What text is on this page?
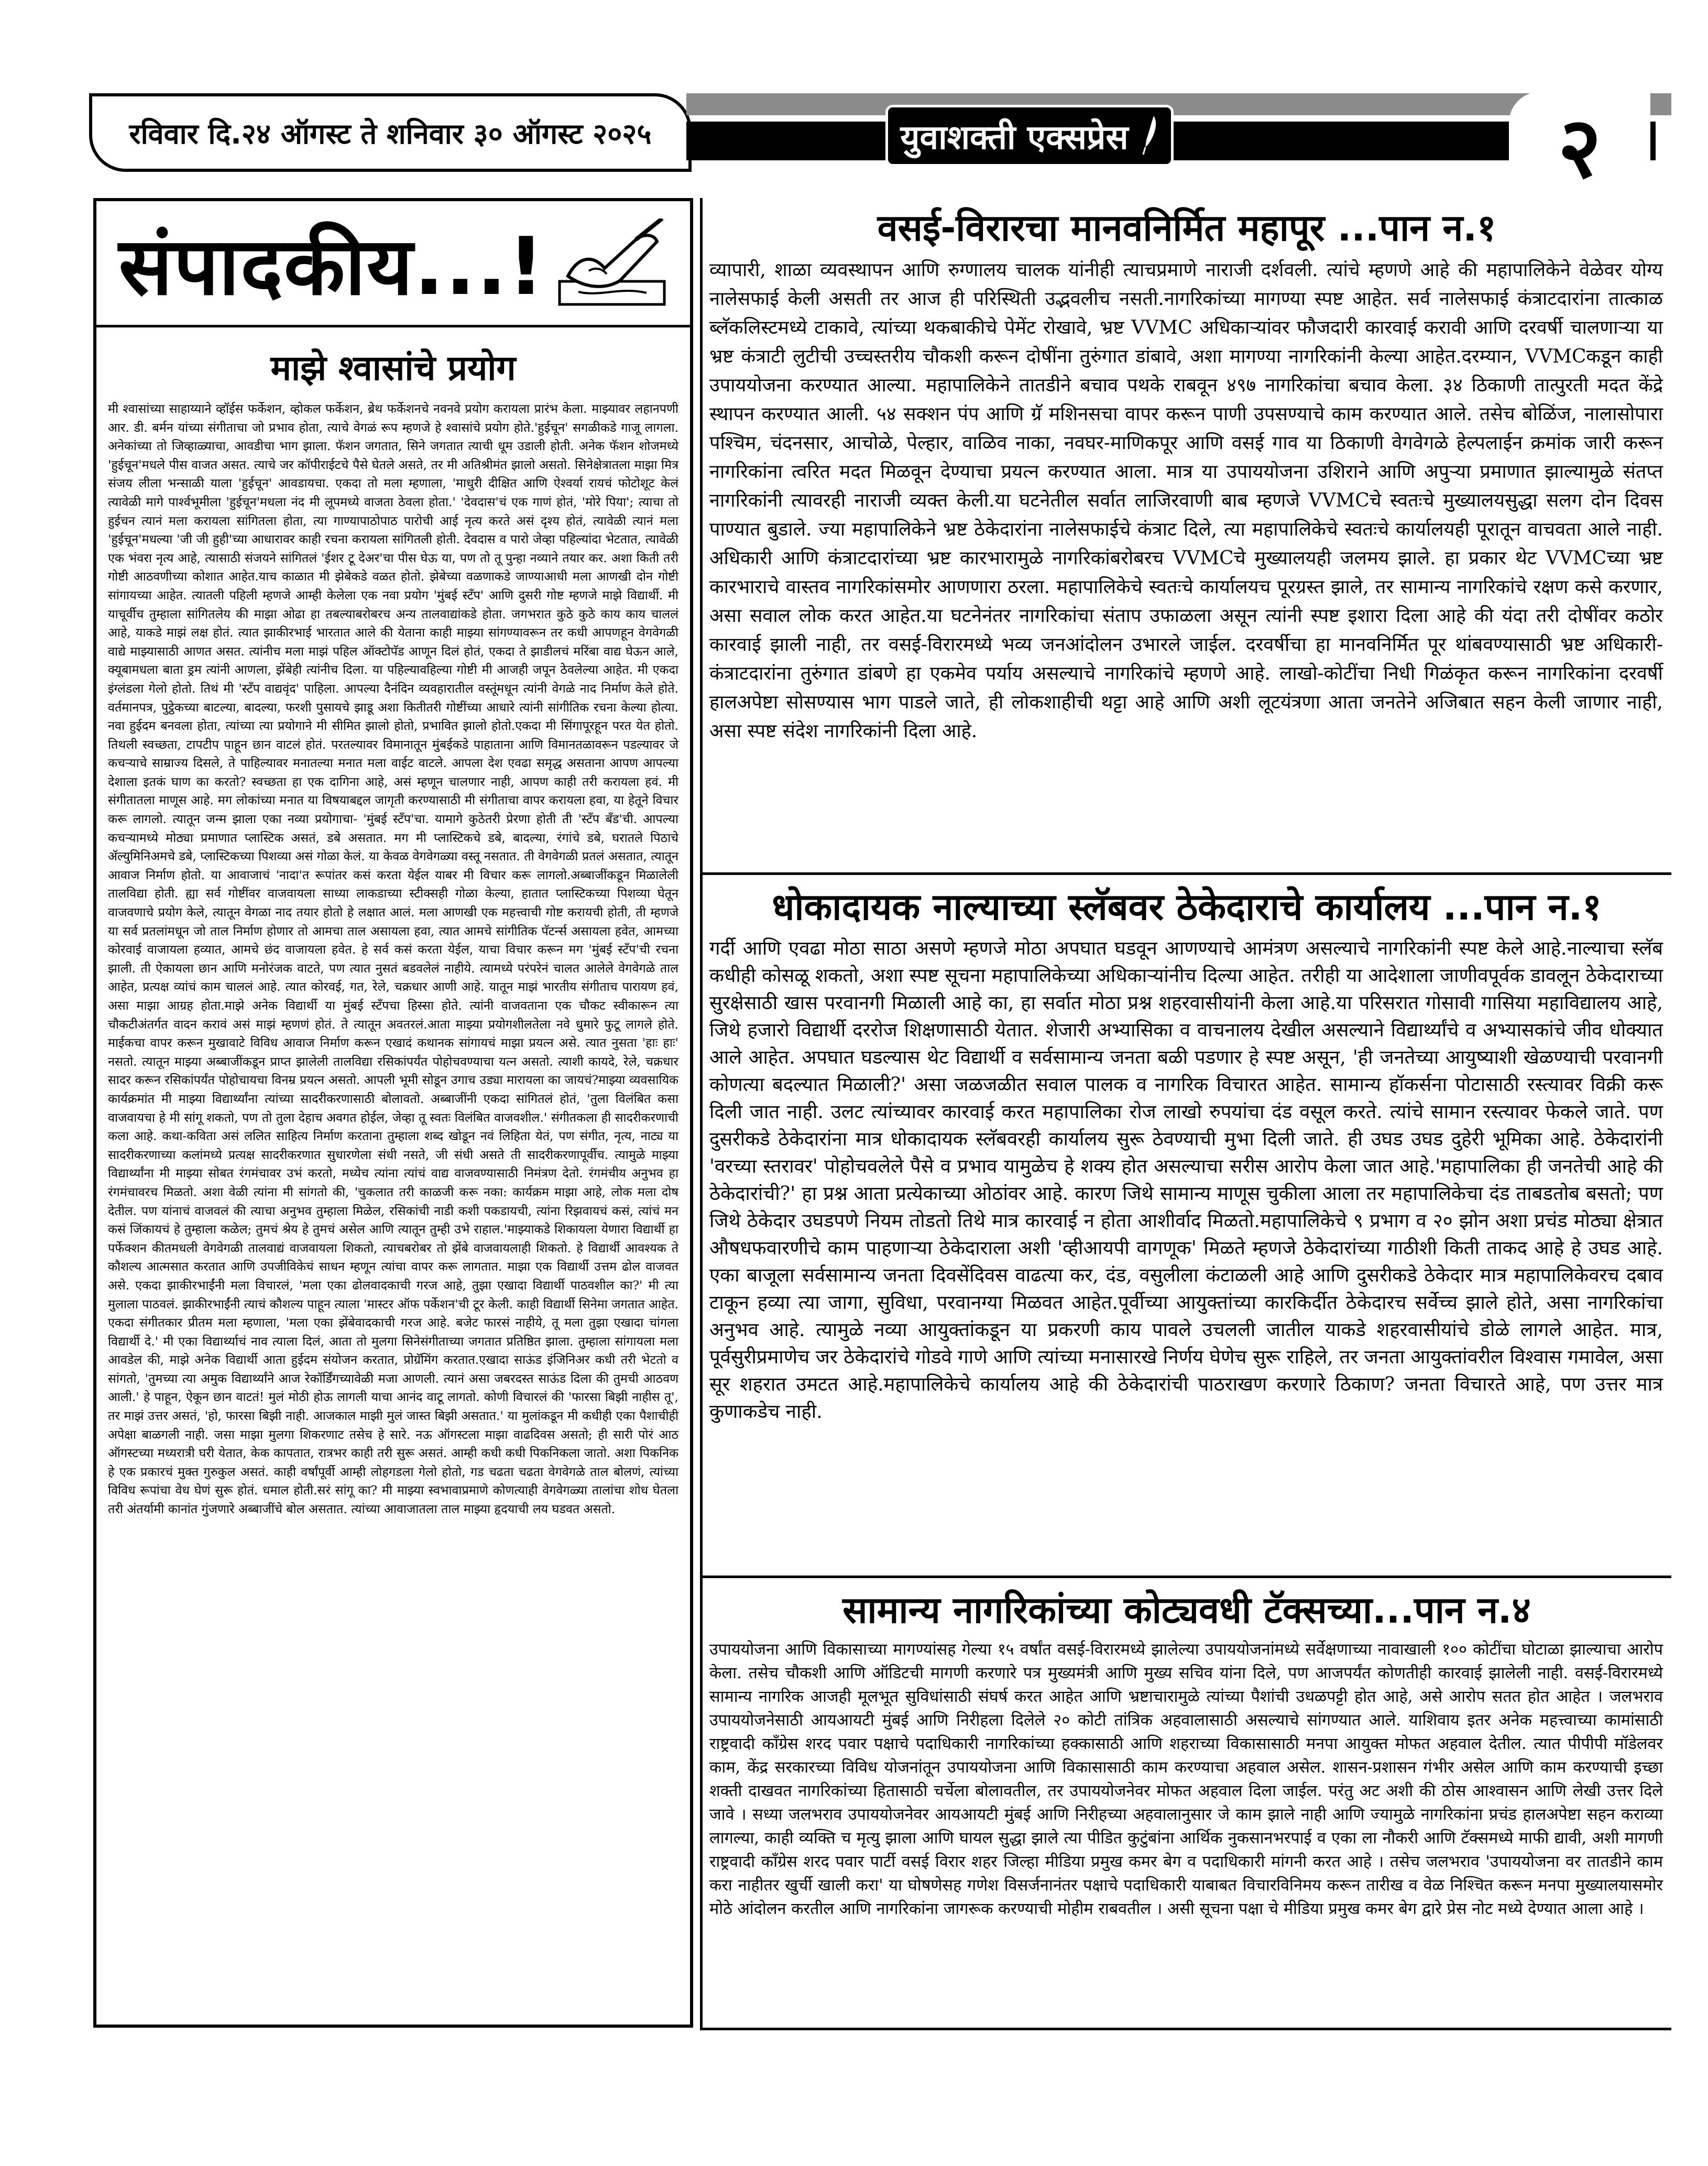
रविवार दि.२४ ऑगस्ट ते शनिवार ३० ऑगस्ट २०२५	युवाशक्ती एक्सप्रेस	२
संपादकीय...!
माझे श्वासांचे प्रयोग

मी श्वासांच्या साहाय्याने व्हॉईस फर्केशन, व्होकल फर्केशन, ब्रेथ फर्केशनचे नवनवे प्रयोग करायला प्रारंभ केला. माझ्यावर लहानपणी आर. डी. बर्मन यांच्या संगीताचा जो प्रभाव होता, त्याचे वेगळं रूप म्हणजे हे श्वासांचे प्रयोग होते.'हुईचून' सगळीकडे गाजू लागला. अनेकांच्या तो जिव्हाळ्याचा, आवडीचा भाग झाला. फॅशन जगतात, सिने जगतात त्याची धूम उडाली होती. अनेक फॅशन शोजमध्ये 'हुईचून'मधले पीस वाजत असत. त्याचे जर कॉपीराईटचे पैसे घेतले असते, तर मी अतिश्रीमंत झालो असतो. सिनेक्षेत्रातला माझा मित्र संजय लीला भन्साळी याला 'हुईचून' आवडायचा. एकदा तो मला म्हणाला, 'माधुरी दीक्षित आणि ऐश्वर्या रायचं फोटोशूट केलं त्यावेळी मागे पार्श्वभूमीला 'हुईचून'मधला नंद मी लूपमध्ये वाजता ठेवला होता.' 'देवदास'चं एक गाणं होतं, 'मोरे पिया'; त्याचा तो हुईचन त्यानं मला करायला सांगितला होता, त्या गाण्यापाठोपाठ पारोची आई नृत्य करते असं दृश्य होतं, त्यावेळी त्यानं मला 'हुईचून'मधल्या 'जी जी हुही'च्या आधारावर काही रचना करायला सांगितली होती. देवदास व पारो जेव्हा पहिल्यांदा भेटतात, त्यावेळी एक भंवरा नृत्य आहे, त्यासाठी संजयने सांगितलं 'ईशर टू देअर'चा पीस घेऊ या, पण तो तू पुन्हा नव्याने तयार कर. अशा किती तरी गोष्टी आठवणीच्या कोशात आहेत.याच काळात मी झेबेकडे वळत होतो. झेबेच्या वळणाकडे जाण्याआधी मला आणखी दोन गोष्टी सांगायच्या आहेत. त्यातली पहिली म्हणजे आम्ही केलेला एक नवा प्रयोग 'मुंबई स्टँप' आणि दुसरी गोष्ट म्हणजे माझे विद्यार्थी. मी याचूर्वीच तुम्हाला सांगितलेय की माझा ओढा हा तबल्याबरोबरच अन्य तालवाद्यांकडे होता. जगभरात कुठे कुठे काय काय चाललं आहे, याकडे माझं लक्ष होतं. त्यात झाकीरभाई भारतात आले की येताना काही माझ्या सांगण्यावरून तर कधी आपणहून वेगवेगळी वाद्ये माझ्यासाठी आणत असत. त्यांनीच मला माझं पहिल ऑक्टोपॅड आणून दिलं होतं, एकदा ते झाडीलचं मरिंबा वाद्य घेऊन आले, क्यूबामधला बाता ड्रम त्यांनी आणला, झेंबेही त्यांनीच दिला. या पहिल्यावहिल्या गोष्टी मी आजही जपून ठेवलेल्या आहेत. मी एकदा इंग्लंडला गेलो होतो. तिथं मी 'स्टँप वाद्यवृंद' पाहिला. आपल्या दैनंदिन व्यवहारातील वस्तूंमधून त्यांनी वेगळे नाद निर्माण केले होते. वर्तमानपत्र, पुट्ठेकच्या बाटल्या, बादल्या, फरशी पुसायचे झाडू अशा कितीतरी गोष्टींच्या आधारे त्यांनी सांगीतिक रचना केल्या होत्या. नवा हुईदम बनवला होता, त्यांच्या त्या प्रयोगाने मी सीमित झालो होतो, प्रभावित झालो होतो.एकदा मी सिंगापूरहून परत येत होतो. तिथली स्वच्छता, टापटीप पाहून छान वाटलं होतं. परतल्यावर विमानातून मुंबईकडे पाहाताना आणि विमानतळावरून पडल्यावर जे कचऱ्याचे साम्राज्य दिसले, ते पाहिल्यावर मनातल्या मनात मला वाईट वाटले. आपला देश एवढा समृद्ध असताना आपण आपल्या देशाला इतकं घाण का करतो? स्वच्छता हा एक दागिना आहे, असं म्हणून चालणार नाही, आपण काही तरी करायला हवं. मी संगीतातला माणूस आहे. मग लोकांच्या मनात या विषयाबद्दल जागृती करण्यासाठी मी संगीताचा वापर करायला हवा, या हेतूने विचार करू लागलो. त्यातून जन्म झाला एका नव्या प्रयोगाचा- 'मुंबई स्टँप'चा. यामागे कुठेतरी प्रेरणा होती ती 'स्टँप बँड'ची. आपल्या कचऱ्यामध्ये मोठ्या प्रमाणात प्लास्टिक असतं, डबे असतात. मग मी प्लास्टिकचे डबे, बादल्या, रंगांचे डबे, घरातले पिठाचे ॲल्युमिनिअमचे डबे, प्लास्टिकच्या पिशव्या असं गोळा केलं. या केवळ वेगवेगळ्या वस्तू नसतात. ती वेगवेगळी प्रतलं असतात, त्यातून आवाज निर्माण होतो. या आवाजाचं 'नादा'त रूपांतर कसं करता येईल याबर मी विचार करू लागलो.अब्बाजींकडून मिळालेली तालविद्या होती. ह्या सर्व गोष्टींवर वाजवायला साध्या लाकडाच्या स्टीक्सही गोळा केल्या, हातात प्लास्टिकच्या पिशव्या घेतून वाजवणाचे प्रयोग केले, त्यातून वेगळा नाद तयार होतो हे लक्षात आलं. मला आणखी एक महत्त्वाची गोष्ट करायची होती, ती म्हणजे या सर्व प्रतलांमधून जो ताल निर्माण होणार तो आमचा ताल असायला हवा, त्यात आमचे सांगीतिक पॅटर्न्स असायला हवेत, आमच्या कोरवाई वाजायला हव्यात, आमचे छंद वाजायला हवेत. हे सर्व कसं करता येईल, याचा विचार करून मग 'मुंबई स्टँप'ची रचना झाली. ती ऐकायला छान आणि मनोरंजक वाटते, पण त्यात नुसतं बडवलेलं नाहीये. त्यामध्ये परंपरेनं चालत आलेले वेगवेगळे ताल आहेत, प्रत्यक्ष व्यांचं काम चाललं आहे. त्यात कोरवई, गत, रेले, चक्रधार आणी आहे. यातून माझं भारतीय संगीताच पारायण हवं, असा माझा आग्रह होता.माझे अनेक विद्यार्थी या मुंबई स्टँपचा हिस्सा होते. त्यांनी वाजवताना एक चौकट स्वीकारून त्या चौकटीअंतर्गत वादन करावं असं माझं म्हणणं होतं. ते त्यातून अवतरलं.आता माझ्या प्रयोगशीलतेला नवे धुमारे फुटू लागले होते. माईकचा वापर करून मुखावाटे विविध आवाज निर्माण करून एखादं कथानक सांगायचं माझा प्रयत्न असे. त्यात नुसता 'हाः हाः' नसतो. त्यातून माझ्या अब्बाजींकडून प्राप्त झालेली तालविद्या रसिकांपर्यंत पोहोचवण्याचा यत्न असतो. त्याशी कायदे, रेले, चक्रधार सादर करून रसिकांपर्यंत पोहोचायचा विनम्र प्रयत्न असतो. आपली भूमी सोडून उगाच उड्या मारायला का जायचं?माझ्या व्यवसायिक कार्यक्रमांत मी माझ्या विद्यार्थ्यांना त्यांच्या सादरीकरणासाठी बोलावतो. अब्बाजींनी एकदा सांगितलं होतं, 'तुला विलंबित कसा वाजवायचा हे मी सांगू शकतो, पण तो तुला देहाच अवगत होईल, जेव्हा तू स्वतः विलंबित वाजवशील.' संगीतकला ही सादरीकरणाची कला आहे. कथा-कविता असं ललित साहित्य निर्माण करताना तुम्हाला शब्द खोडून नवं लिहिता येतं, पण संगीत, नृत्य, नाट्य या सादरीकरणाच्या कलांमध्ये प्रत्यक्ष सादरीकरणात सुधारणेला संधी नसते, जी संधी असते ती सादरीकरणापूर्वीच. त्यामुळे माझ्या विद्यार्थ्यांना मी माझ्या सोबत रंगमंचावर उभं करतो, मध्येच त्यांना त्यांचं वाद्य वाजवण्यासाठी निमंत्रण देतो. रंगमंचीय अनुभव हा रंगमंचावरच मिळतो. अशा वेळी त्यांना मी सांगतो की, 'चुकलात तरी काळजी करू नका: कार्यक्रम माझा आहे, लोक मला दोष देतील. पण यांनाचं वाजवलं की त्याचा अनुभव तुम्हाला मिळेल, रसिकांची नाडी कशी पकडायची, त्यांना रिझवायचं कसं, त्यांचं मन कसं जिंकायचं हे तुम्हाला कळेल; तुमचं श्रेय हे तुमचं असेल आणि त्यातून तुम्ही उभे राहाल.'माझ्याकडे शिकायला येणारा विद्यार्थी हा पर्फेक्शन कीतमधली वेगवेगळी तालवाद्यं वाजवायला शिकतो, त्याचबरोबर तो झेंबे वाजवायलाही शिकतो. हे विद्यार्थी आवश्यक ते कौशल्य आत्मसात करतात आणि उपजीविकेचं साधन म्हणून त्यांचा वापर करू लागतात. माझा एक विद्यार्थी उत्तम ढोल वाजवत असे. एकदा झाकीरभाईंनी मला विचारलं, 'मला एका ढोलवादकाची गरज आहे, तुझा एखादा विद्यार्थी पाठवशील का?' मी त्या मुलाला पाठवलं. झाकीरभाईंनी त्याचं कौशल्य पाहून त्याला 'मास्टर ऑफ पर्केशन'ची टूर केली. काही विद्यार्थी सिनेमा जगतात आहेत. एकदा संगीतकार प्रीतम मला म्हणाला, 'मला एका झेंबेवादकाची गरज आहे. बजेट फारसं नाहीये, तू मला तुझा एखादा चांगला विद्यार्थी दे.' मी एका विद्यार्थ्याचं नाव त्याला दिलं, आता तो मुलगा सिनेसंगीताच्या जगतात प्रतिष्ठित झाला. तुम्हाला सांगायला मला आवडेल की, माझे अनेक विद्यार्थी आता हुईदम संयोजन करतात, प्रोग्रॅमिंग करतात.एखादा साऊंड इंजिनिअर कधी तरी भेटतो व सांगतो, 'तुमच्या त्या अमुक विद्यार्थ्यांने आज रेकॉर्डिंगच्यावेळी मजा आणली. त्यानं असा जबरदस्त साऊंड दिला की तुमची आठवण आली.' हे पाहून, ऐकून छान वाटतं! मुलं मोठी होऊ लागली याचा आनंद वाटू लागतो. कोणी विचारलं की 'फारसा बिझी नाहीस तू', तर माझं उत्तर असतं, 'हो, फारसा बिझी नाही. आजकाल माझी मुलं जास्त बिझी असतात.' या मुलांकडून मी कधीही एका पैशाचीही अपेक्षा बाळगली नाही. जसा माझा मुलगा शिकरणाट तसेच हे सारे. नऊ ऑगस्टला माझा वाढदिवस असतो; ही सारी पोरं आठ ऑगस्टच्या मध्यरात्री घरी येतात, केक कापतात, रात्रभर काही तरी सुरू असतं. आम्ही कधी कधी पिकनिकला जातो. अशा पिकनिक हे एक प्रकारचं मुक्त गुरुकुल असतं. काही वर्षांपूर्वी आम्ही लोहगडला गेलो होतो, गड चढता चढता वेगवेगळे ताल बोलणं, त्यांच्या विविध रूपांचा वेध घेणं सुरू होतं. धमाल होती.सरं सांगू का? मी माझ्या स्वभावाप्रमाणे कोणत्याही वेगवेगळ्या तालांचा शोध घेतला तरी अंतर्यामी कानांत गुंजणारे अब्बाजींचे बोल असतात. त्यांच्या आवाजातला ताल माझ्या हृदयाची लय घडवत असतो.

वसई-विरारचा मानवनिर्मित महापूर ...पान न.१

व्यापारी, शाळा व्यवस्थापन आणि रुग्णालय चालक यांनीही त्याचप्रमाणे नाराजी दर्शवली. त्यांचे म्हणणे आहे की महापालिकेने वेळेवर योग्य नालेसफाई केली असती तर आज ही परिस्थिती उद्भवलीच नसती.नागरिकांच्या मागण्या स्पष्ट आहेत. सर्व नालेसफाई कंत्राटदारांना तात्काळ ब्लॅकलिस्टमध्ये टाकावे, त्यांच्या थकबाकीचे पेमेंट रोखावे, भ्रष्ट VVMC अधिकाऱ्यांवर फौजदारी कारवाई करावी आणि दरवर्षी चालणाऱ्या या भ्रष्ट कंत्राटी लुटीची उच्चस्तरीय चौकशी करून दोषींना तुरुंगात डांबावे, अशा मागण्या नागरिकांनी केल्या आहेत.दरम्यान, VVMCकडून काही उपाययोजना करण्यात आल्या. महापालिकेने तातडीने बचाव पथके राबवून ४९७ नागरिकांचा बचाव केला. ३४ ठिकाणी तात्पुरती मदत केंद्रे स्थापन करण्यात आली. ५४ सक्शन पंप आणि ग्रॅ मशिनसचा वापर करून पाणी उपसण्याचे काम करण्यात आले. तसेच बोळिंज, नालासोपारा पश्चिम, चंदनसार, आचोळे, पेल्हार, वाळिव नाका, नवघर-माणिकपूर आणि वसई गाव या ठिकाणी वेगवेगळे हेल्पलाईन क्रमांक जारी करून नागरिकांना त्वरित मदत मिळवून देण्याचा प्रयत्न करण्यात आला. मात्र या उपाययोजना उशिराने आणि अपुऱ्या प्रमाणात झाल्यामुळे संतप्त नागरिकांनी त्यावरही नाराजी व्यक्त केली.या घटनेतील सर्वात लाजिरवाणी बाब म्हणजे VVMCचे स्वतःचे मुख्यालयसुद्धा सलग दोन दिवस पाण्यात बुडाले. ज्या महापालिकेने भ्रष्ट ठेकेदारांना नालेसफाईचे कंत्राट दिले, त्या महापालिकेचे स्वतःचे कार्यालयही पूरातून वाचवता आले नाही. अधिकारी आणि कंत्राटदारांच्या भ्रष्ट कारभारामुळे नागरिकांबरोबरच VVMCचे मुख्यालयही जलमय झाले. हा प्रकार थेट VVMCच्या भ्रष्ट कारभाराचे वास्तव नागरिकांसमोर आणणारा ठरला. महापालिकेचे स्वतःचे कार्यालयच पूरग्रस्त झाले, तर सामान्य नागरिकांचे रक्षण कसे करणार, असा सवाल लोक करत आहेत.या घटनेनंतर नागरिकांचा संताप उफाळला असून त्यांनी स्पष्ट इशारा दिला आहे की यंदा तरी दोषींवर कठोर कारवाई झाली नाही, तर वसई-विरारमध्ये भव्य जनआंदोलन उभारले जाईल. दरवर्षीचा हा मानवनिर्मित पूर थांबवण्यासाठी भ्रष्ट अधिकारी-कंत्राटदारांना तुरुंगात डांबणे हा एकमेव पर्याय असल्याचे नागरिकांचे म्हणणे आहे. लाखो-कोटींचा निधी गिळंकृत करून नागरिकांना दरवर्षी हालअपेष्टा सोसण्यास भाग पाडले जाते, ही लोकशाहीची थट्टा आहे आणि अशी लूटयंत्रणा आता जनतेने अजिबात सहन केली जाणार नाही, असा स्पष्ट संदेश नागरिकांनी दिला आहे.

धोकादायक नाल्याच्या स्लॅबवर ठेकेदाराचे कार्यालय ...पान न.१

गर्दी आणि एवढा मोठा साठा असणे म्हणजे मोठा अपघात घडवून आणण्याचे आमंत्रण असल्याचे नागरिकांनी स्पष्ट केले आहे.नाल्याचा स्लॅब कधीही कोसळू शकतो, अशा स्पष्ट सूचना महापालिकेच्या अधिकाऱ्यांनीच दिल्या आहेत. तरीही या आदेशाला जाणीवपूर्वक डावलून ठेकेदाराच्या सुरक्षेसाठी खास परवानगी मिळाली आहे का, हा सर्वात मोठा प्रश्न शहरवासीयांनी केला आहे.या परिसरात गोसावी गासिया महाविद्यालय आहे, जिथे हजारो विद्यार्थी दररोज शिक्षणासाठी येतात. शेजारी अभ्यासिका व वाचनालय देखील असल्याने विद्यार्थ्यांचे व अभ्यासकांचे जीव धोक्यात आले आहेत. अपघात घडल्यास थेट विद्यार्थी व सर्वसामान्य जनता बळी पडणार हे स्पष्ट असून, 'ही जनतेच्या आयुष्याशी खेळण्याची परवानगी कोणत्या बदल्यात मिळाली?' असा जळजळीत सवाल पालक व नागरिक विचारत आहेत. सामान्य हॉकर्सना पोटासाठी रस्त्यावर विक्री करू दिली जात नाही. उलट त्यांच्यावर कारवाई करत महापालिका रोज लाखो रुपयांचा दंड वसूल करते. त्यांचे सामान रस्त्यावर फेकले जाते. पण दुसरीकडे ठेकेदारांना मात्र धोकादायक स्लॅबवरही कार्यालय सुरू ठेवण्याची मुभा दिली जाते. ही उघड उघड दुहेरी भूमिका आहे. ठेकेदारांनी 'वरच्या स्तरावर' पोहोचवलेले पैसे व प्रभाव यामुळेच हे शक्य होत असल्याचा सरीस आरोप केला जात आहे.'महापालिका ही जनतेची आहे की ठेकेदारांची?' हा प्रश्न आता प्रत्येकाच्या ओठांवर आहे. कारण जिथे सामान्य माणूस चुकीला आला तर महापालिकेचा दंड ताबडतोब बसतो; पण जिथे ठेकेदार उघडपणे नियम तोडतो तिथे मात्र कारवाई न होता आशीर्वाद मिळतो.महापालिकेचे ९ प्रभाग व २० झोन अशा प्रचंड मोठ्या क्षेत्रात औषधफवारणीचे काम पाहणाऱ्या ठेकेदाराला अशी 'व्हीआयपी वागणूक' मिळते म्हणजे ठेकेदारांच्या गाठीशी किती ताकद आहे हे उघड आहे. एका बाजूला सर्वसामान्य जनता दिवसेंदिवस वाढत्या कर, दंड, वसुलीला कंटाळली आहे आणि दुसरीकडे ठेकेदार मात्र महापालिकेवरच दबाव टाकून हव्या त्या जागा, सुविधा, परवानग्या मिळवत आहेत.पूर्वीच्या आयुक्तांच्या कारकिर्दीत ठेकेदारच सर्वेच्च झाले होते, असा नागरिकांचा अनुभव आहे. त्यामुळे नव्या आयुक्तांकडून या प्रकरणी काय पावले उचलली जातील याकडे शहरवासीयांचे डोळे लागले आहेत. मात्र, पूर्वसुरीप्रमाणेच जर ठेकेदारांचे गोडवे गाणे आणि त्यांच्या मनासारखे निर्णय घेणेच सुरू राहिले, तर जनता आयुक्तांवरील विश्वास गमावेल, असा सूर शहरात उमटत आहे.महापालिकेचे कार्यालय आहे की ठेकेदारांची पाठराखण करणारे ठिकाण? जनता विचारते आहे, पण उत्तर मात्र कुणाकडेच नाही.

सामान्य नागरिकांच्या कोट्यवधी टॅक्सच्या...पान न.४

उपाययोजना आणि विकासाच्या मागण्यांसह गेल्या १५ वर्षांत वसई-विरारमध्ये झालेल्या उपाययोजनांमध्ये सर्वेक्षणाच्या नावाखाली १०० कोटींचा घोटाळा झाल्याचा आरोप केला. तसेच चौकशी आणि ऑडिटची मागणी करणारे पत्र मुख्यमंत्री आणि मुख्य सचिव यांना दिले, पण आजपर्यंत कोणतीही कारवाई झालेली नाही. वसई-विरारमध्ये सामान्य नागरिक आजही मूलभूत सुविधांसाठी संघर्ष करत आहेत आणि भ्रष्टाचारामुळे त्यांच्या पैशांची उधळपट्टी होत आहे, असे आरोप सतत होत आहेत । जलभराव उपाययोजनेसाठी आयआयटी मुंबई आणि निरीहला दिलेले २० कोटी तांत्रिक अहवालासाठी असल्याचे सांगण्यात आले. याशिवाय इतर अनेक महत्त्वाच्या कामांसाठी राष्ट्रवादी काँग्रेस शरद पवार पक्षाचे पदाधिकारी नागरिकांच्या हक्कासाठी आणि शहराच्या विकासासाठी मनपा आयुक्त मोफत अहवाल देतील. त्यात पीपीपी मॉडेलवर काम, केंद्र सरकारच्या विविध योजनांतून उपाययोजना आणि विकासासाठी काम करण्याचा अहवाल असेल. शासन-प्रशासन गंभीर असेल आणि काम करण्याची इच्छा शक्ती दाखवत नागरिकांच्या हितासाठी चर्चेला बोलावतील, तर उपाययोजनेवर मोफत अहवाल दिला जाईल. परंतु अट अशी की ठोस आश्वासन आणि लेखी उत्तर दिले जावे । सध्या जलभराव उपाययोजनेवर आयआयटी मुंबई आणि निरीहच्या अहवालानुसार जे काम झाले नाही आणि ज्यामुळे नागरिकांना प्रचंड हालअपेष्टा सहन कराव्या लागल्या, काही व्यक्ति च मृत्यु झाला आणि घायल सुद्धा झाले त्या पीडित कुटुंबांना आर्थिक नुकसानभरपाई व एका ला नौकरी आणि टॅक्समध्ये माफी द्यावी, अशी मागणी राष्ट्रवादी काँग्रेस शरद पवार पार्टी वसई विरार शहर जिल्हा मीडिया प्रमुख कमर बेग व पदाधिकारी मांगनी करत आहे । तसेच जलभराव 'उपाययोजना वर तातडीने काम करा नाहीतर खुर्ची खाली करा' या घोषणेसह गणेश विसर्जनानंतर पक्षाचे पदाधिकारी याबाबत विचारविनिमय करून तारीख व वेळ निश्चित करून मनपा मुख्यालयासमोर मोठे आंदोलन करतील आणि नागरिकांना जागरूक करण्याची मोहीम राबवतील । असी सूचना पक्षा चे मीडिया प्रमुख कमर बेग द्वारे प्रेस नोट मध्ये देण्यात आला आहे ।
